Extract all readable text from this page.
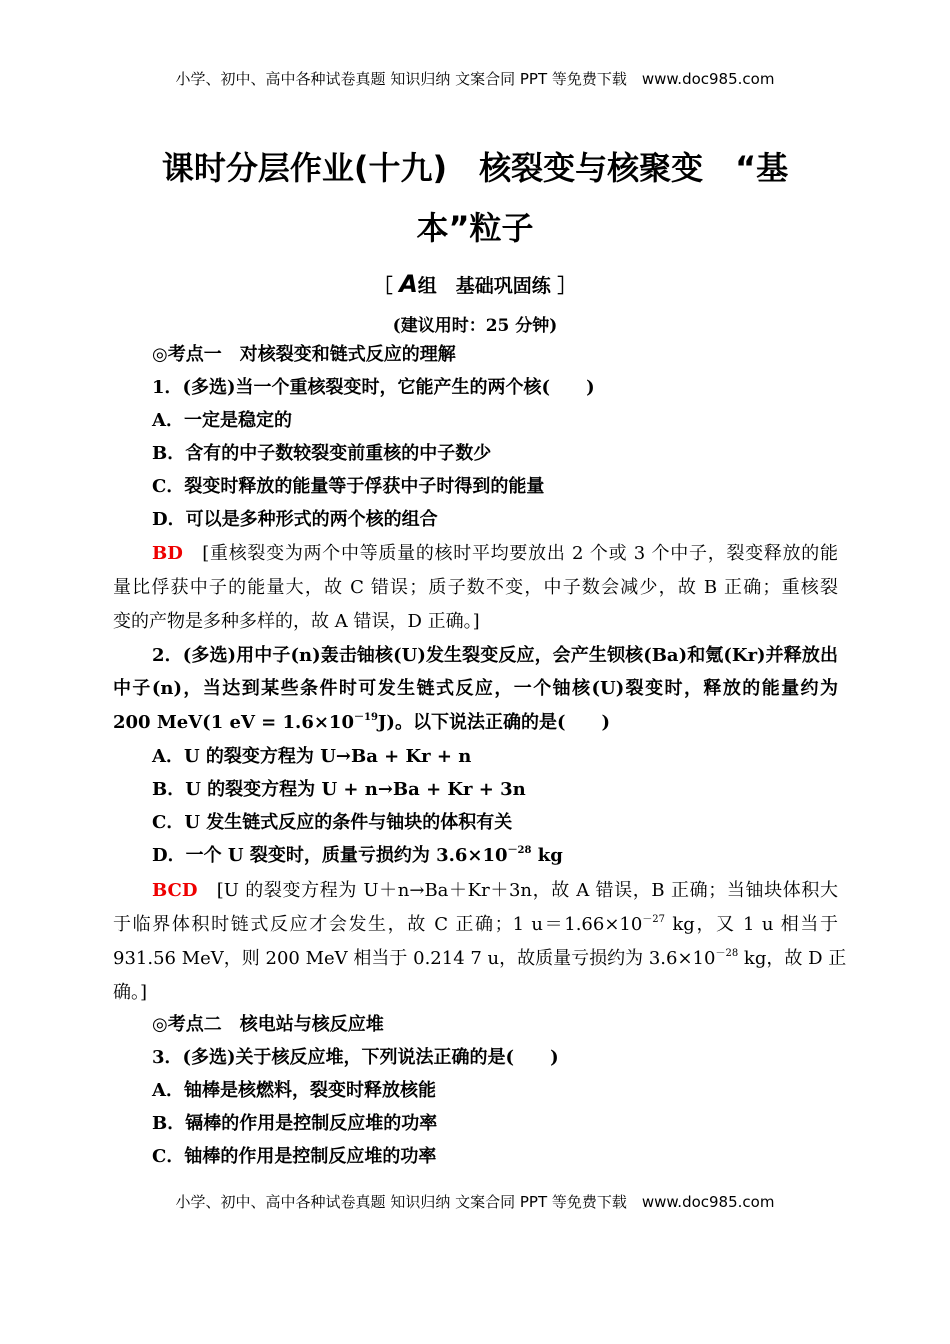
小学、初中、高中各种试卷真题 知识归纳 文案合同 PPT 等免费下载　www.doc985.com
课时分层作业(十九)　核裂变与核聚变　“基
本”粒子
［ A组　基础巩固练 ］
(建议用时：25 分钟)
◎考点一　对核裂变和链式反应的理解
1．(多选)当一个重核裂变时，它能产生的两个核(　　)
A．一定是稳定的
B．含有的中子数较裂变前重核的中子数少
C．裂变时释放的能量等于俘获中子时得到的能量
D．可以是多种形式的两个核的组合
BD　 [重核裂变为两个中等质量的核时平均要放出 2 个或 3 个中子，裂变释放的能
量比俘获中子的能量大，故 C 错误；质子数不变，中子数会减少，故 B 正确；重核裂
变的产物是多种多样的，故 A 错误，D 正确。]
2．(多选)用中子(n)轰击铀核(U)发生裂变反应，会产生钡核(Ba)和氪(Kr)并释放出
中子(n)，当达到某些条件时可发生链式反应，一个铀核(U)裂变时，释放的能量约为
200 MeV(1 eV = $1.6\times 10^{-19}J$)。以下说法正确的是(　　)
A．U 的裂变方程为 U→Ba + Kr + n
B．U 的裂变方程为 U + n→Ba + Kr + 3n
C．U 发生链式反应的条件与铀块的体积有关
D．一个 U 裂变时，质量亏损约为 $3.6\times 10^{-28}$ kg
BCD　 [U 的裂变方程为 U＋n→Ba＋Kr＋3n，故 A 错误，B 正确；当铀块体积大
于临界体积时链式反应才会发生，故 C 正确；1 $u=1.66\times 10^{-27}$ kg，又 1 u 相当于
931.56 MeV，则 200 MeV 相当于 0.214 7 u，故质量亏损约为 $3.6\times 10^{-28}$ kg，故 D 正
确。]
◎考点二　核电站与核反应堆
3．(多选)关于核反应堆，下列说法正确的是(　　)
A．铀棒是核燃料，裂变时释放核能
B．镉棒的作用是控制反应堆的功率
C．铀棒的作用是控制反应堆的功率
小学、初中、高中各种试卷真题 知识归纳 文案合同 PPT 等免费下载　www.doc985.com
